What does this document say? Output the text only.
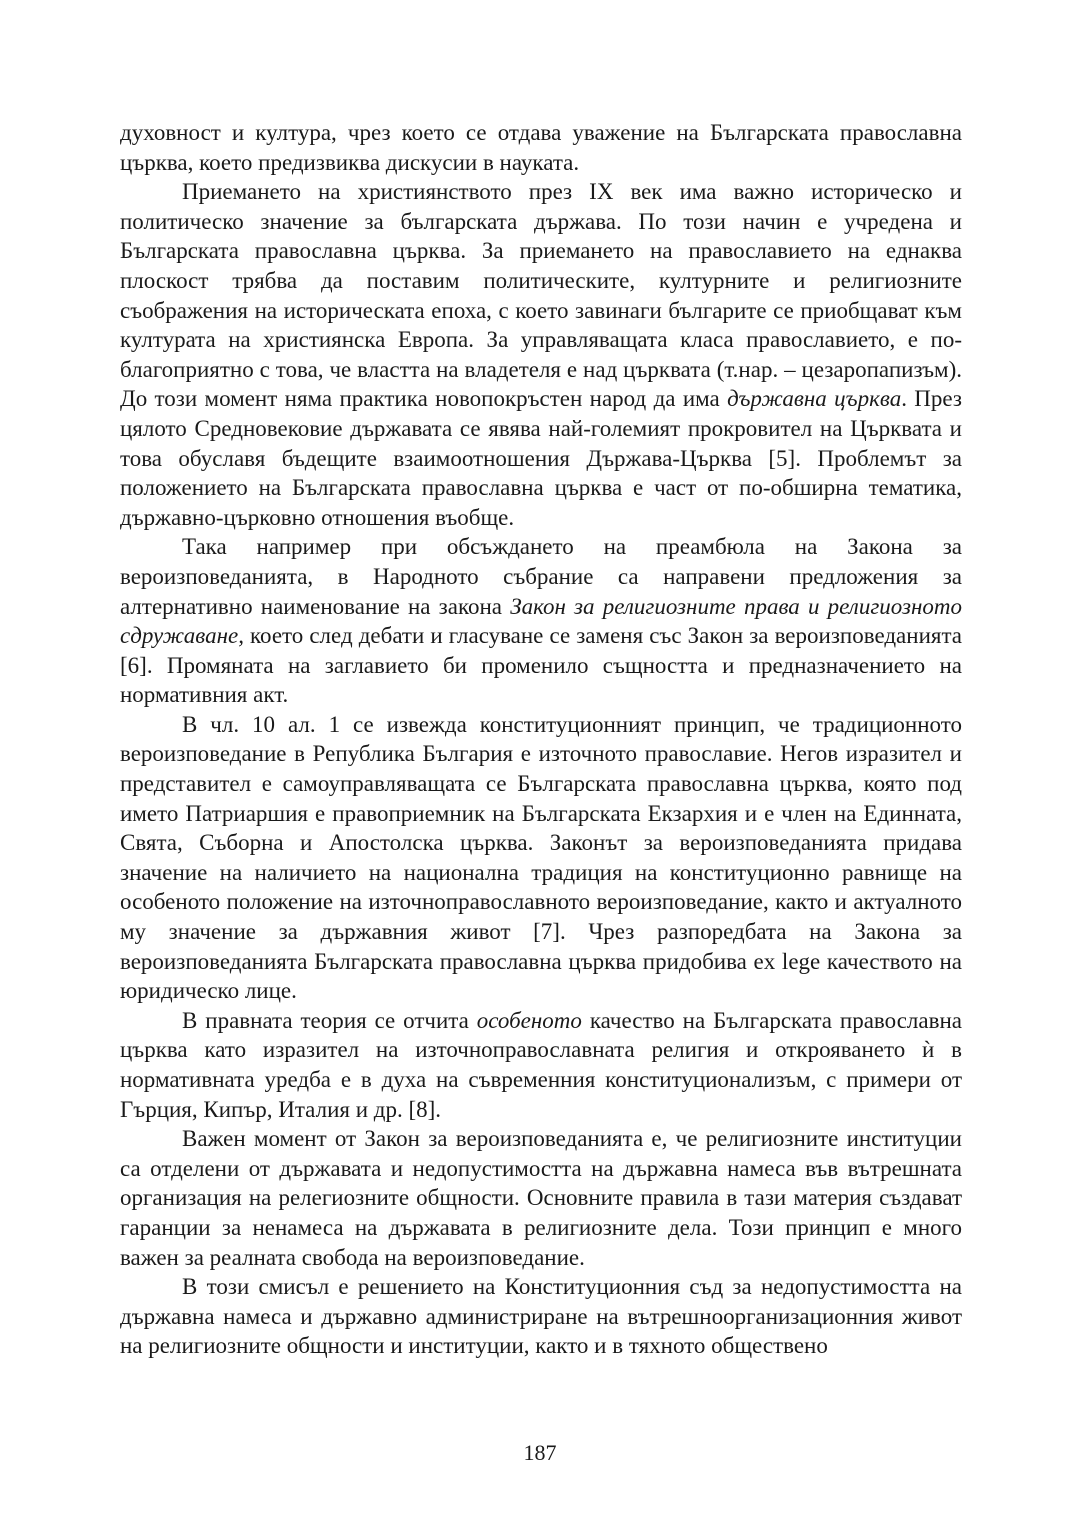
духовност и култура, чрез което се отдава уважение на Българската православна църква, което предизвиква дискусии в науката.

Приемането на християнството през IX век има важно историческо и политическо значение за българската държава. По този начин е учредена и Българската православна църква. За приемането на православието на еднаква плоскост трябва да поставим политическите, културните и религиозните съображения на историческата епоха, с което завинаги българите се приобщават към културата на християнска Европа. За управляващата класа православието, е по-благоприятно с това, че властта на владетеля е над църквата (т.нар. – цезаропапизъм). До този момент няма практика новопокръстен народ да има държавна църква. През цялото Средновековие държавата се явява най-големият прокровител на Църквата и това обуславя бъдещите взаимоотношения Държава-Църква [5]. Проблемът за положението на Българската православна църква е част от по-обширна тематика, държавно-църковно отношения въобще.

Така например при обсъждането на преамбюла на Закона за вероизповеданията, в Народното събрание са направени предложения за алтернативно наименование на закона Закон за религиозните права и религиозното сдружаване, което след дебати и гласуване се заменя със Закон за вероизповеданията [6]. Промяната на заглавието би променило същността и предназначението на нормативния акт.

В чл. 10 ал. 1 се извежда конституционният принцип, че традиционното вероизповедание в Република България е източното православие. Негов изразител и представител е самоуправляващата се Българската православна църква, която под името Патриаршия е правоприемник на Българската Екзархия и е член на Единната, Свята, Съборна и Апостолска църква. Законът за вероизповеданията придава значение на наличието на национална традиция на конституционно равнище на особеното положение на източноправославното вероизповедание, както и актуалното му значение за държавния живот [7]. Чрез разпоредбата на Закона за вероизповеданията Българската православна църква придобива ex lege качеството на юридическо лице.

В правната теория се отчита особеното качество на Българската православна църква като изразител на източноправославната религия и открояването ѝ в нормативната уредба е в духа на съвременния конституционализъм, с примери от Гърция, Кипър, Италия и др. [8].

Важен момент от Закон за вероизповеданията е, че религиозните институции са отделени от държавата и недопустимостта на държавна намеса във вътрешната организация на релегиозните общности. Основните правила в тази материя създават гаранции за ненамеса на държавата в религиозните дела. Този принцип е много важен за реалната свобода на вероизповедание.

В този смисъл е решението на Конституционния съд за недопустимостта на държавна намеса и държавно администриране на вътрешноорганизационния живот на религиозните общности и институции, както и в тяхното обществено

187
